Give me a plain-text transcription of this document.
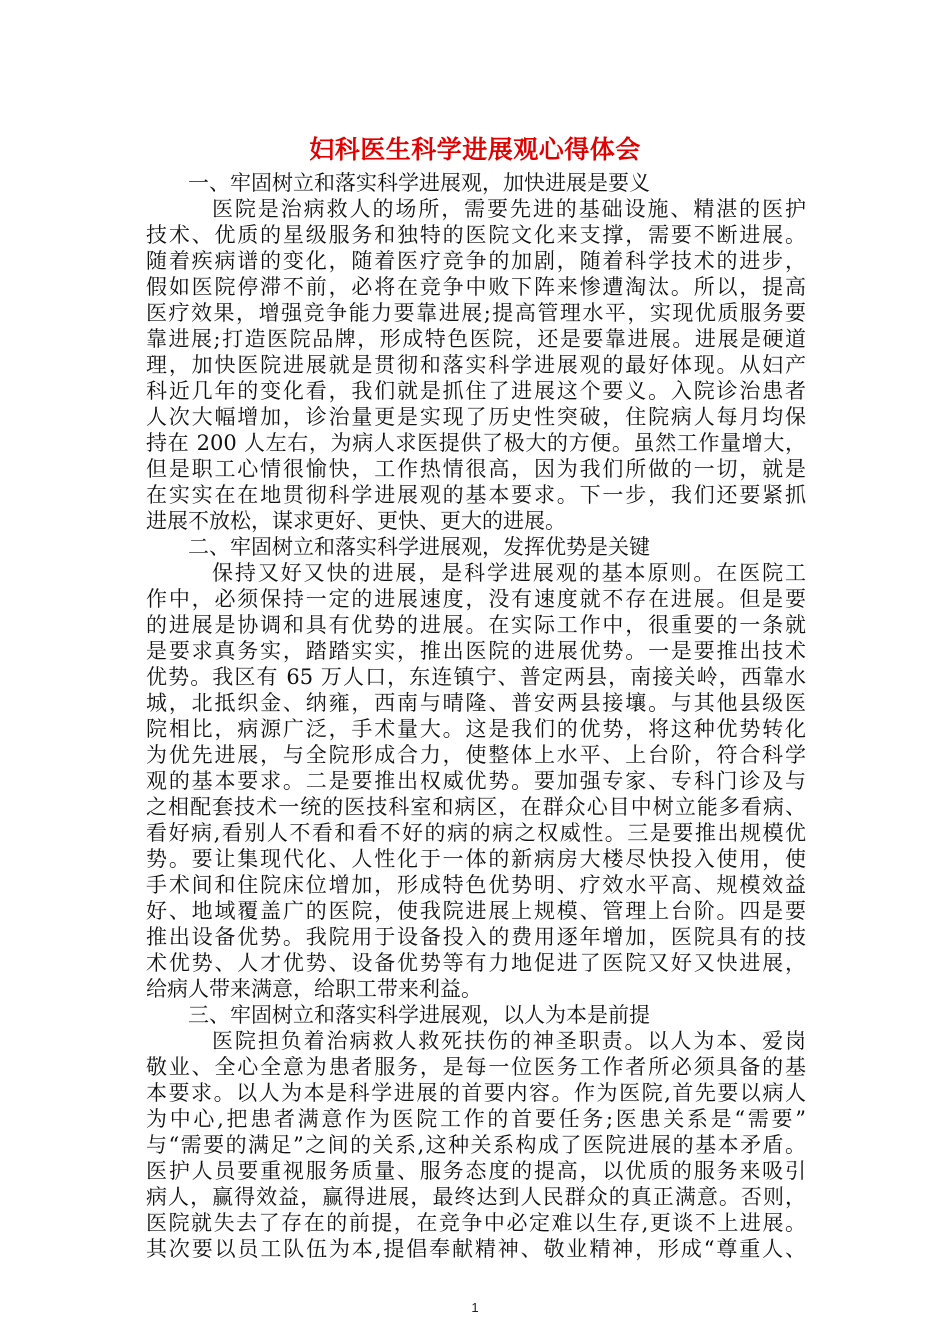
妇科医生科学进展观心得体会
一、牢固树立和落实科学进展观，加快进展是要义
医院是治病救人的场所，需要先进的基础设施、精湛的医护
技术、优质的星级服务和独特的医院文化来支撑，需要不断进展。
随着疾病谱的变化，随着医疗竞争的加剧，随着科学技术的进步，
假如医院停滞不前，必将在竞争中败下阵来惨遭淘汰。所以，提高
医疗效果，增强竞争能力要靠进展;提高管理水平，实现优质服务要
靠进展;打造医院品牌，形成特色医院，还是要靠进展。进展是硬道
理，加快医院进展就是贯彻和落实科学进展观的最好体现。从妇产
科近几年的变化看，我们就是抓住了进展这个要义。入院诊治患者
人次大幅增加，诊治量更是实现了历史性突破，住院病人每月均保
持在 200 人左右，为病人求医提供了极大的方便。虽然工作量增大，
但是职工心情很愉快，工作热情很高，因为我们所做的一切，就是
在实实在在地贯彻科学进展观的基本要求。下一步，我们还要紧抓
进展不放松，谋求更好、更快、更大的进展。
二、牢固树立和落实科学进展观，发挥优势是关键
保持又好又快的进展，是科学进展观的基本原则。在医院工
作中，必须保持一定的进展速度，没有速度就不存在进展。但是要
的进展是协调和具有优势的进展。在实际工作中，很重要的一条就
是要求真务实，踏踏实实，推出医院的进展优势。一是要推出技术
优势。我区有 65 万人口，东连镇宁、普定两县，南接关岭，西靠水
城，北抵织金、纳雍，西南与晴隆、普安两县接壤。与其他县级医
院相比，病源广泛，手术量大。这是我们的优势，将这种优势转化
为优先进展，与全院形成合力，使整体上水平、上台阶，符合科学
观的基本要求。二是要推出权威优势。要加强专家、专科门诊及与
之相配套技术一统的医技科室和病区，在群众心目中树立能多看病、
看好病,看别人不看和看不好的病的病之权威性。三是要推出规模优
势。要让集现代化、人性化于一体的新病房大楼尽快投入使用，使
手术间和住院床位增加，形成特色优势明、疗效水平高、规模效益
好、地域覆盖广的医院，使我院进展上规模、管理上台阶。四是要
推出设备优势。我院用于设备投入的费用逐年增加，医院具有的技
术优势、人才优势、设备优势等有力地促进了医院又好又快进展，
给病人带来满意，给职工带来利益。
三、牢固树立和落实科学进展观，以人为本是前提
医院担负着治病救人救死扶伤的神圣职责。以人为本、爱岗
敬业、全心全意为患者服务，是每一位医务工作者所必须具备的基
本要求。以人为本是科学进展的首要内容。作为医院,首先要以病人
为中心,把患者满意作为医院工作的首要任务;医患关系是“需要”
与“需要的满足”之间的关系,这种关系构成了医院进展的基本矛盾。
医护人员要重视服务质量、服务态度的提高，以优质的服务来吸引
病人，赢得效益，赢得进展，最终达到人民群众的真正满意。否则，
医院就失去了存在的前提，在竞争中必定难以生存,更谈不上进展。
其次要以员工队伍为本,提倡奉献精神、敬业精神，形成“尊重人、
1
